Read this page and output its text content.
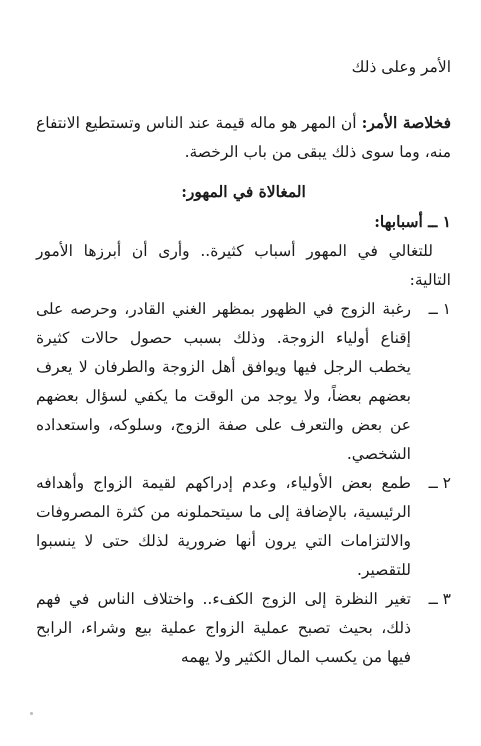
الأمر وعلى ذلك

فخلاصة الأمر: أن المهر هو ماله قيمة عند الناس وتستطيع الانتفاع منه، وما سوى ذلك يبقى من باب الرخصة.

المغالاة في المهور:

١ ــ أسبابها:

للتغالي في المهور أسباب كثيرة.. وأرى أن أبرزها الأمور التالية:

١ ــ
رغبة الزوج في الظهور بمظهر الغني القادر، وحرصه على إقناع أولياء الزوجة. وذلك بسبب حصول حالات كثيرة يخطب الرجل فيها ويوافق أهل الزوجة والطرفان لا يعرف بعضهم بعضاً، ولا يوجد من الوقت ما يكفي لسؤال بعضهم عن بعض والتعرف على صفة الزوج، وسلوكه، واستعداده الشخصي.
٢ ــ
طمع بعض الأولياء، وعدم إدراكهم لقيمة الزواج وأهدافه الرئيسية، بالإضافة إلى ما سيتحملونه من كثرة المصروفات والالتزامات التي يرون أنها ضرورية لذلك حتى لا ينسبوا للتقصير.
٣ ــ
تغير النظرة إلى الزوج الكفء.. واختلاف الناس في فهم ذلك، بحيث تصبح عملية الزواج عملية بيع وشراء، الرابح فيها من يكسب المال الكثير ولا يهمه
